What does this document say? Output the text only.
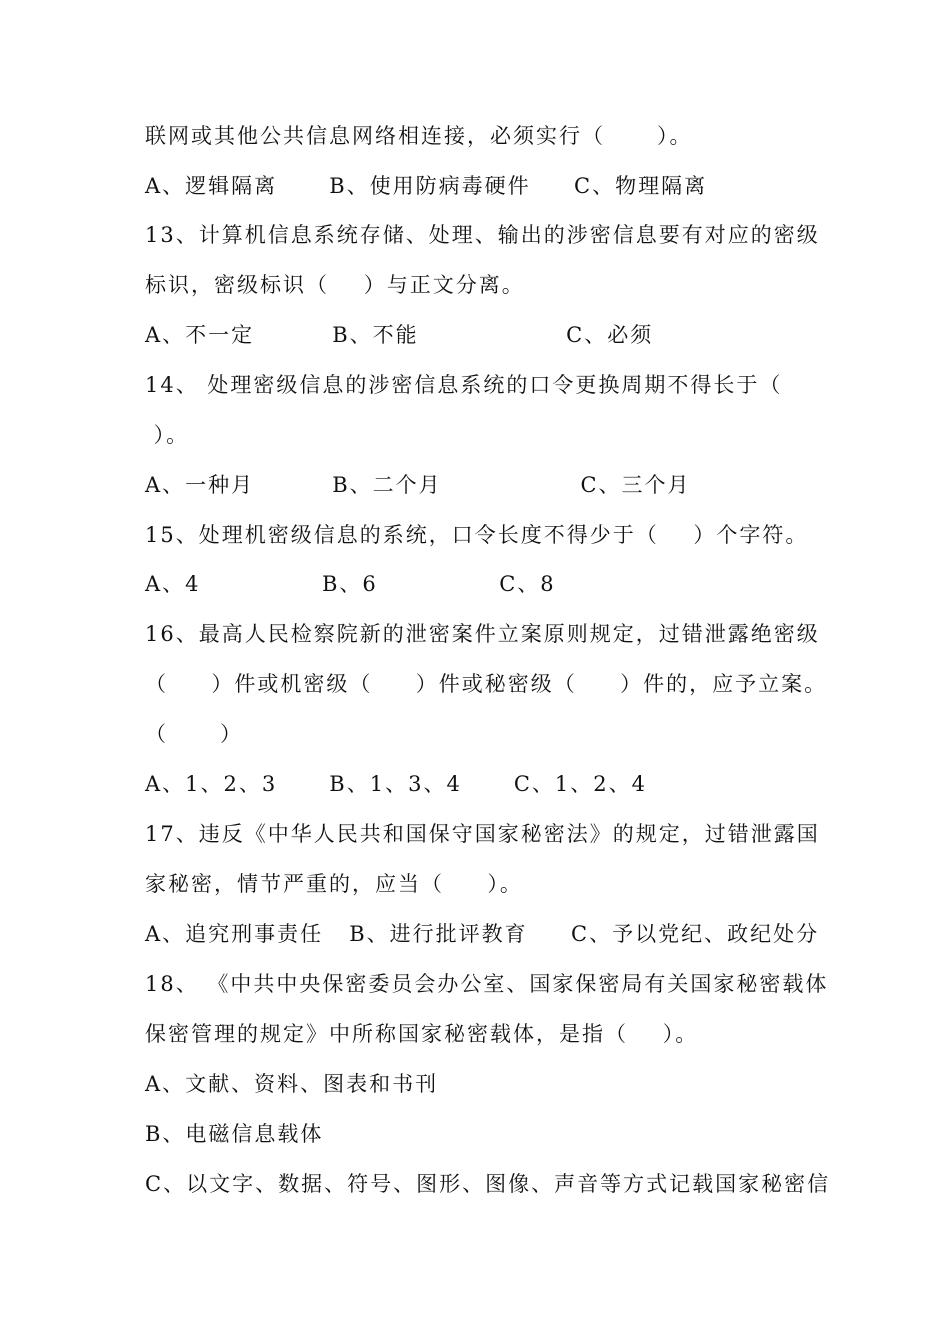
联网或其他公共信息网络相连接，必须实行（      ）。
A、逻辑隔离      B、使用防病毒硬件     C、物理隔离
13、计算机信息系统存储、处理、输出的涉密信息要有对应的密级
标识，密级标识（    ）与正文分离。
A、不一定         B、不能                 C、必须
14、 处理密级信息的涉密信息系统的口令更换周期不得长于（
）。
A、一种月         B、二个月                C、三个月
15、处理机密级信息的系统，口令长度不得少于（    ）个字符。
A、4              B、6              C、8
16、最高人民检察院新的泄密案件立案原则规定，过错泄露绝密级
（     ）件或机密级（     ）件或秘密级（     ）件的，应予立案。
（      ）
A、1、2、3      B、1、3、4      C、1、2、4
17、违反《中华人民共和国保守国家秘密法》的规定，过错泄露国
家秘密，情节严重的，应当（     ）。
A、追究刑事责任   B、进行批评教育     C、予以党纪、政纪处分
18、 《中共中央保密委员会办公室、国家保密局有关国家秘密载体
保密管理的规定》中所称国家秘密载体，是指（    ）。
A、文献、资料、图表和书刊
B、电磁信息载体
C、以文字、数据、符号、图形、图像、声音等方式记载国家秘密信
